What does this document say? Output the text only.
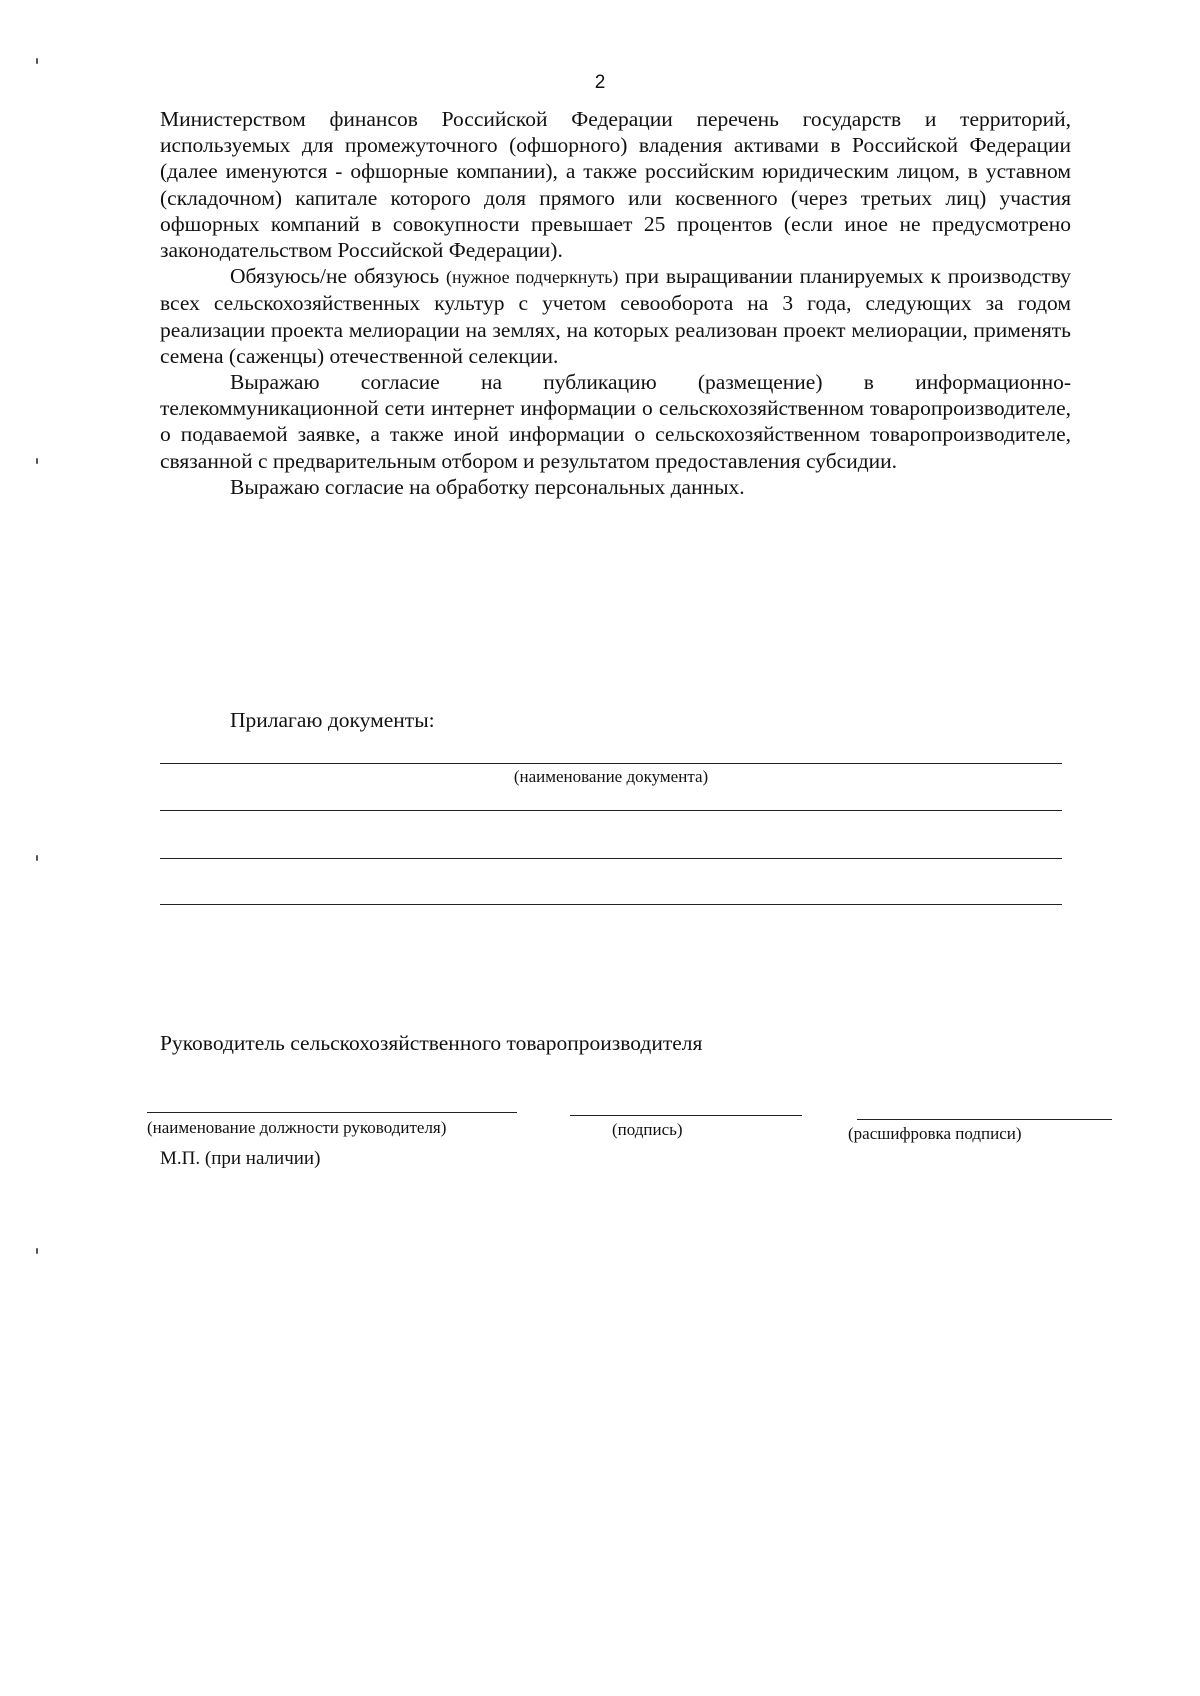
2

Министерством финансов Российской Федерации перечень государств и территорий, используемых для промежуточного (офшорного) владения активами в Российской Федерации (далее именуются - офшорные компании), а также российским юридическим лицом, в уставном (складочном) капитале которого доля прямого или косвенного (через третьих лиц) участия офшорных компаний в совокупности превышает 25 процентов (если иное не предусмотрено законодательством Российской Федерации).

Обязуюсь/не обязуюсь (нужное подчеркнуть) при выращивании планируемых к производству всех сельскохозяйственных культур с учетом севооборота на 3 года, следующих за годом реализации проекта мелиорации на землях, на которых реализован проект мелиорации, применять семена (саженцы) отечественной селекции.

Выражаю согласие на публикацию (размещение) в информационно-телекоммуникационной сети интернет информации о сельскохозяйственном товаропроизводителе, о подаваемой заявке, а также иной информации о сельскохозяйственном товаропроизводителе, связанной с предварительным отбором и результатом предоставления субсидии.

Выражаю согласие на обработку персональных данных.

Прилагаю документы:
(наименование документа)
Руководитель сельскохозяйственного товаропроизводителя
(наименование должности руководителя)	(подпись)	(расшифровка подписи)
М.П. (при наличии)
